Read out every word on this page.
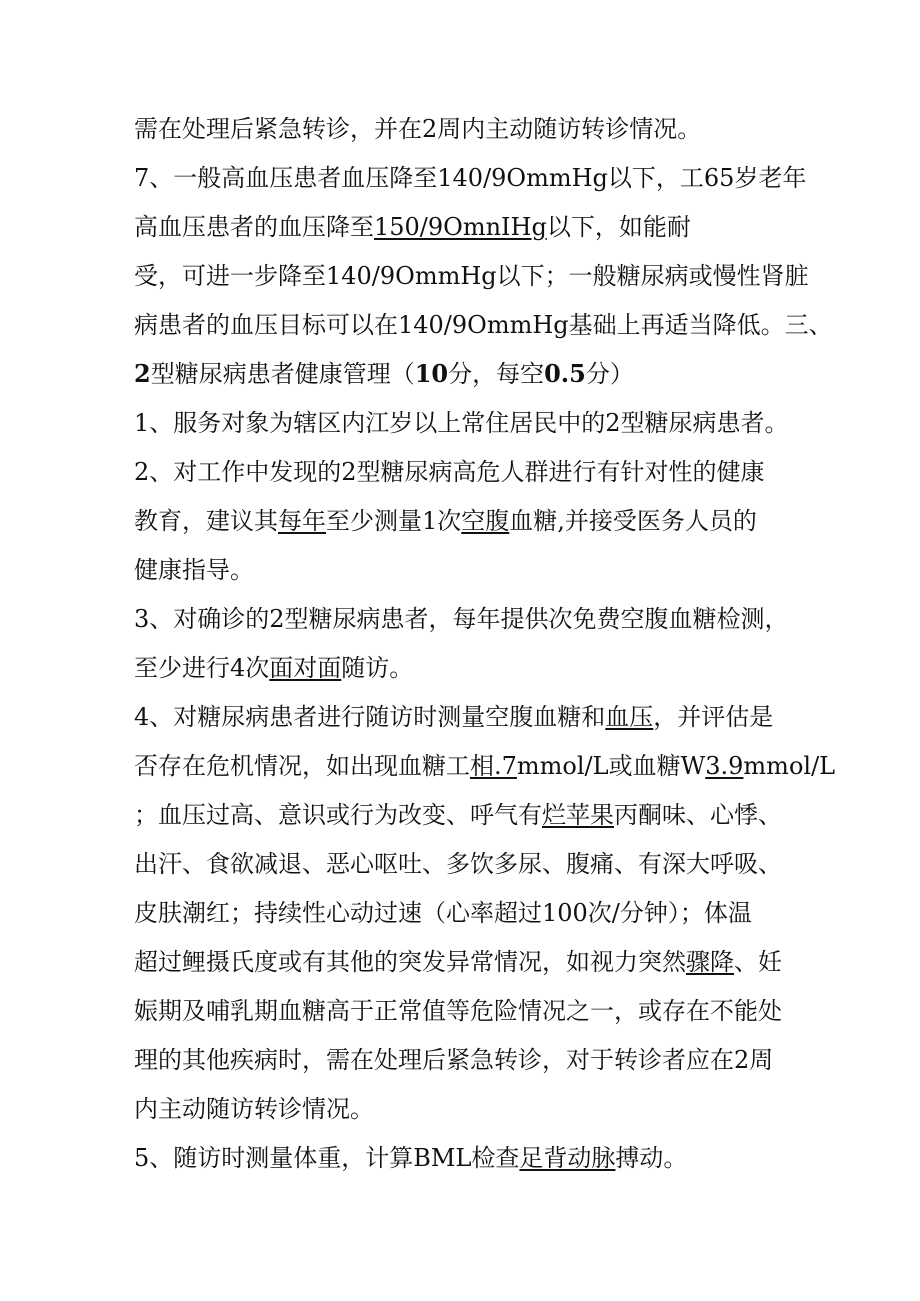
需在处理后紧急转诊，并在2周内主动随访转诊情况。
7、一般高血压患者血压降至140/9OmmHg以下，工65岁老年
高血压患者的血压降至150/9OmnIHg以下，如能耐
受，可进一步降至140/9OmmHg以下；一般糖尿病或慢性肾脏
病患者的血压目标可以在140/9OmmHg基础上再适当降低。三、
2型糖尿病患者健康管理（10分，每空0.5分）
1、服务对象为辖区内江岁以上常住居民中的2型糖尿病患者。
2、对工作中发现的2型糖尿病高危人群进行有针对性的健康
教育，建议其每年至少测量1次空腹血糖,并接受医务人员的
健康指导。
3、对确诊的2型糖尿病患者，每年提供次免费空腹血糖检测，
至少进行4次面对面随访。
4、对糖尿病患者进行随访时测量空腹血糖和血压，并评估是
否存在危机情况，如出现血糖工相.7mmol/L或血糖W3.9mmol/L
；血压过高、意识或行为改变、呼气有烂苹果丙酮味、心悸、
出汗、食欲减退、恶心呕吐、多饮多尿、腹痛、有深大呼吸、
皮肤潮红；持续性心动过速（心率超过100次/分钟）；体温
超过鲤摄氏度或有其他的突发异常情况，如视力突然骤降、妊
娠期及哺乳期血糖高于正常值等危险情况之一，或存在不能处
理的其他疾病时，需在处理后紧急转诊，对于转诊者应在2周
内主动随访转诊情况。
5、随访时测量体重，计算BML检查足背动脉搏动。
